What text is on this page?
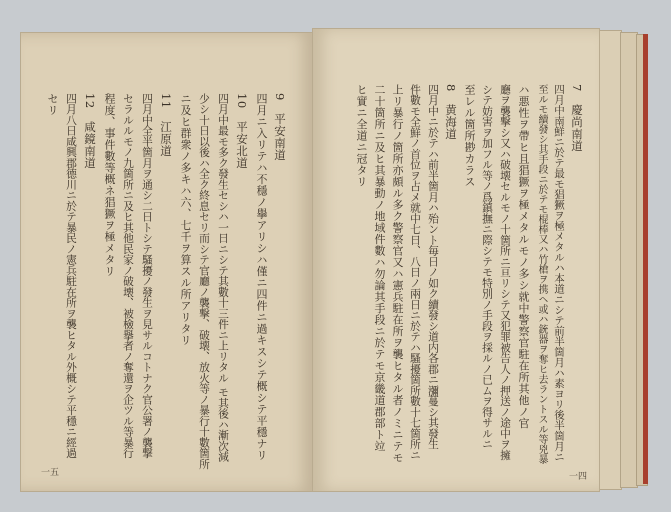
9　平安南道
四月ニ入リテハ不穩ノ擧アリシハ僅ニ四件ニ過キスシテ概シテ平穩ナリ
10　平安北道
四月中最モ多ク發生セシハ一日ニシテ其數十三件ニ上リタル モ其後ハ漸次減
少シ十日以後ハ全ク終息セリ而シテ官廳ノ襲撃、破壊、放火等ノ暴行十數箇所
ニ及ヒ群衆ノ多キハ六、七千ヲ算スル所アリタリ
11　江原道
四月中全半箇月ヲ通シ二日トシテ騷擾ノ發生ヲ見サルコトナク官公署ノ襲撃
セラルルモノ九箇所ニ及ヒ其他民家ノ破壊、被檢擧者ノ奪還ヲ企ツル等暴行
程度、事件數等概ネ猖獗ヲ極メタリ
12　咸鏡南道
四月八日咸興郡德川ニ於テ暴民ノ憲兵駐在所ヲ襲ヒタル外概シテ平穩ニ經過
セリ
一五
7　慶尚南道
四月中南鮮ニ於テ最モ猖獗ヲ極メタルハ本道ニシテ前半箇月ハ素ヨリ後半箇月ニ
至ルモ續發シ其手段ニ於テモ棍棒又ハ竹槍ヲ携ヘ或ハ銃器ヲ奪ヒ去ラントスル等兇暴
ハ悪性ヲ帶ヒ且猖獗ヲ極メタルモノ多シ就中警察官駐在所其他ノ官
廳ヲ襲撃シ又ハ破壊セルモノ十箇所ニ亘リシテ又犯罪被告人ノ押送ノ途中ヲ擁
シテ妨害ヲ加フル等ノ爲鎮撫ニ際シテモ特別ノ手段ヲ採ルノ已ムヲ得サルニ
至レル箇所尠カラス
8　黄海道
四月中ニ於テハ前半箇月ハ殆ント毎日ノ如ク續發シ道内各郡ニ瀰蔓シ其發生
件數モ全鮮ノ首位ヲ占メ就中七日、八日ノ兩日ニ於テハ騷擾箇所數十七箇所ニ
上リ暴行ノ箇所亦頗ル多ク警察官又ハ憲兵駐在所ヲ襲ヒタル者ノミニテモ
二十箇所ニ及ヒ其暴動ノ地域件數ハ勿論其手段ニ於テモ京畿道郡部ト竝
ヒ實ニ全道ニ冠タリ
一四
